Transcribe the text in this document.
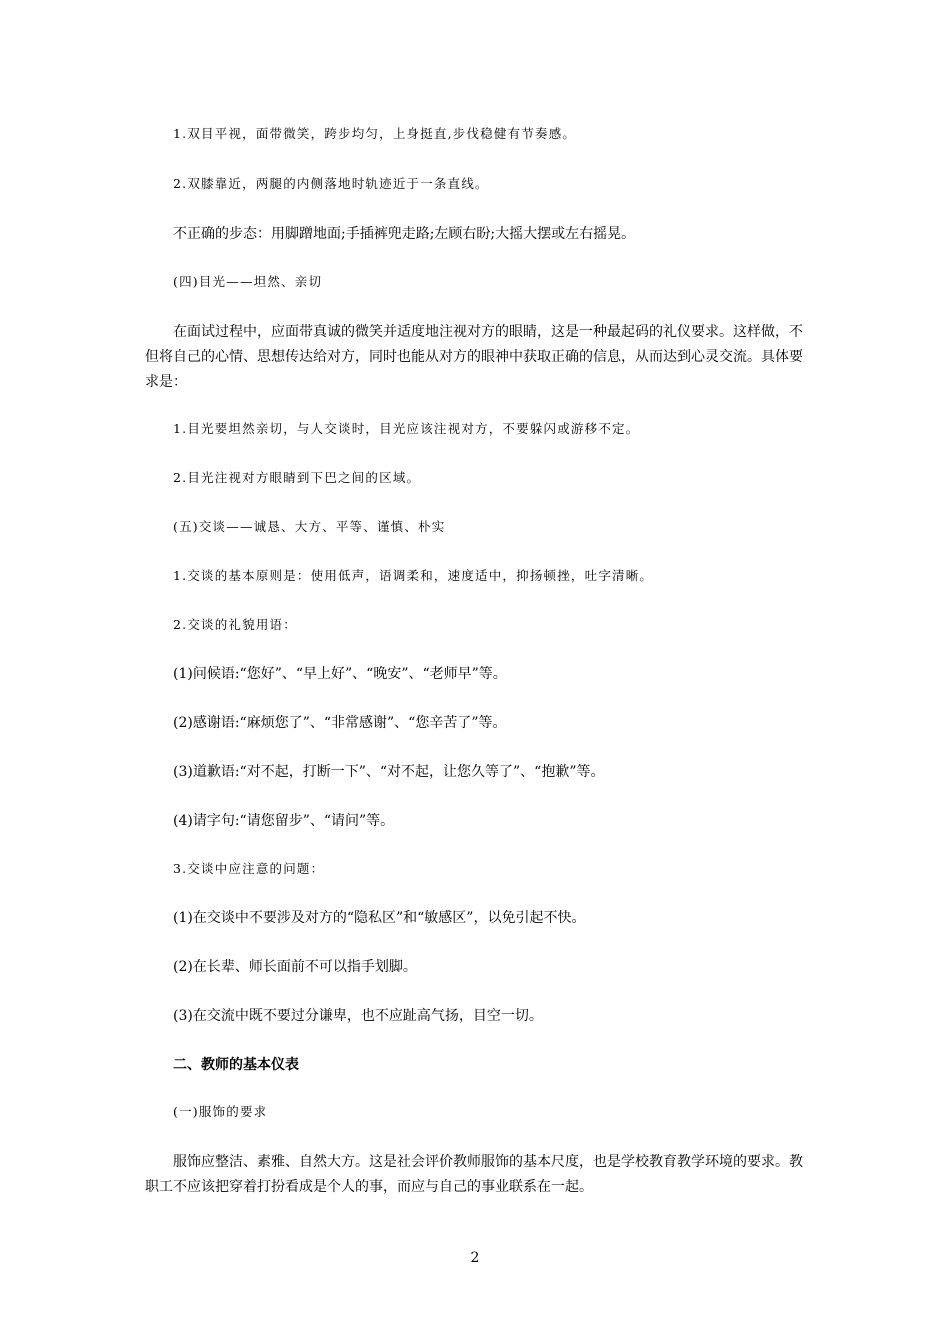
1.双目平视，面带微笑，跨步均匀，上身挺直,步伐稳健有节奏感。
2.双膝靠近，两腿的内侧落地时轨迹近于一条直线。
不正确的步态：用脚蹭地面;手插裤兜走路;左顾右盼;大摇大摆或左右摇晃。
(四)目光——坦然、亲切
在面试过程中，应面带真诚的微笑并适度地注视对方的眼睛，这是一种最起码的礼仪要求。这样做，不但将自己的心情、思想传达给对方，同时也能从对方的眼神中获取正确的信息，从而达到心灵交流。具体要求是：
1.目光要坦然亲切，与人交谈时，目光应该注视对方，不要躲闪或游移不定。
2.目光注视对方眼睛到下巴之间的区域。
(五)交谈——诚恳、大方、平等、谨慎、朴实
1.交谈的基本原则是：使用低声，语调柔和，速度适中，抑扬顿挫，吐字清晰。
2.交谈的礼貌用语：
(1)问候语:“您好”、“早上好”、“晚安”、“老师早”等。
(2)感谢语:“麻烦您了”、“非常感谢”、“您辛苦了”等。
(3)道歉语:“对不起，打断一下”、“对不起，让您久等了”、“抱歉”等。
(4)请字句:“请您留步”、“请问”等。
3.交谈中应注意的问题：
(1)在交谈中不要涉及对方的“隐私区”和“敏感区”，以免引起不快。
(2)在长辈、师长面前不可以指手划脚。
(3)在交流中既不要过分谦卑，也不应趾高气扬，目空一切。
二、教师的基本仪表
(一)服饰的要求
服饰应整洁、素雅、自然大方。这是社会评价教师服饰的基本尺度，也是学校教育教学环境的要求。教职工不应该把穿着打扮看成是个人的事，而应与自己的事业联系在一起。
2
